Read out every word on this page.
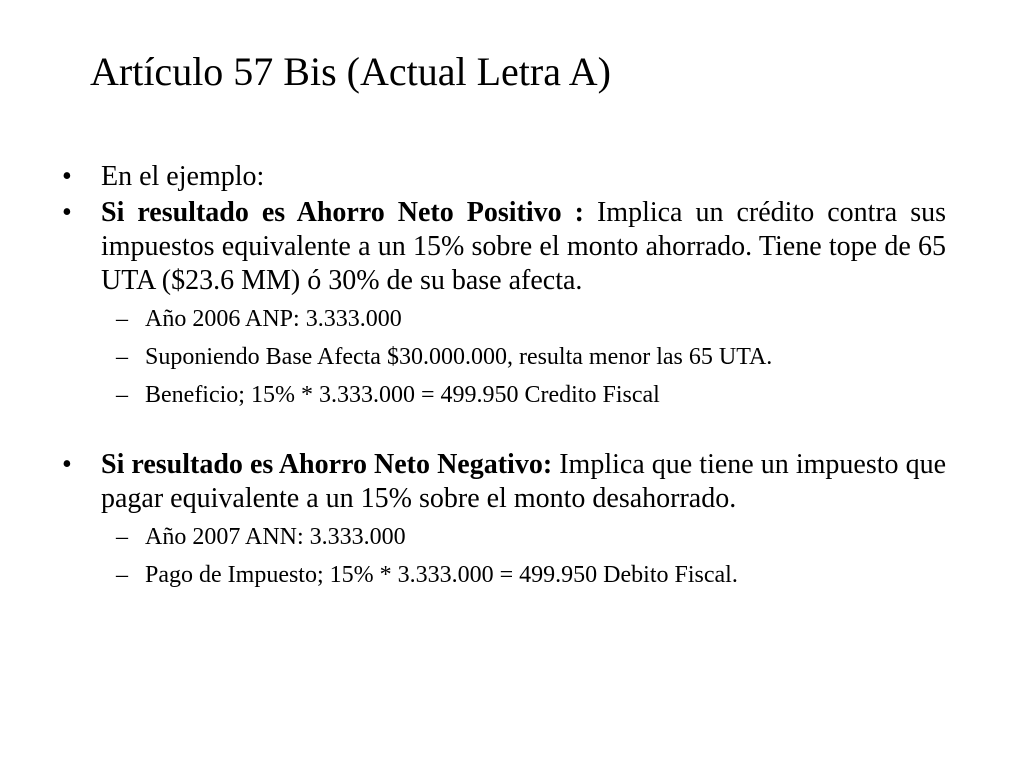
Artículo 57 Bis (Actual Letra A)
•	En el ejemplo:
•	Si resultado es Ahorro Neto Positivo : Implica un crédito contra sus impuestos equivalente a un 15% sobre el monto ahorrado. Tiene tope de 65 UTA ($23.6 MM) ó 30% de su base afecta.
– Año 2006 ANP: 3.333.000
– Suponiendo Base Afecta $30.000.000, resulta menor las 65 UTA.
– Beneficio; 15% * 3.333.000 = 499.950 Credito Fiscal
•	Si resultado es Ahorro Neto Negativo: Implica que tiene un impuesto que pagar equivalente a un 15% sobre el monto desahorrado.
– Año 2007 ANN: 3.333.000
– Pago de Impuesto; 15% * 3.333.000 = 499.950 Debito Fiscal.
